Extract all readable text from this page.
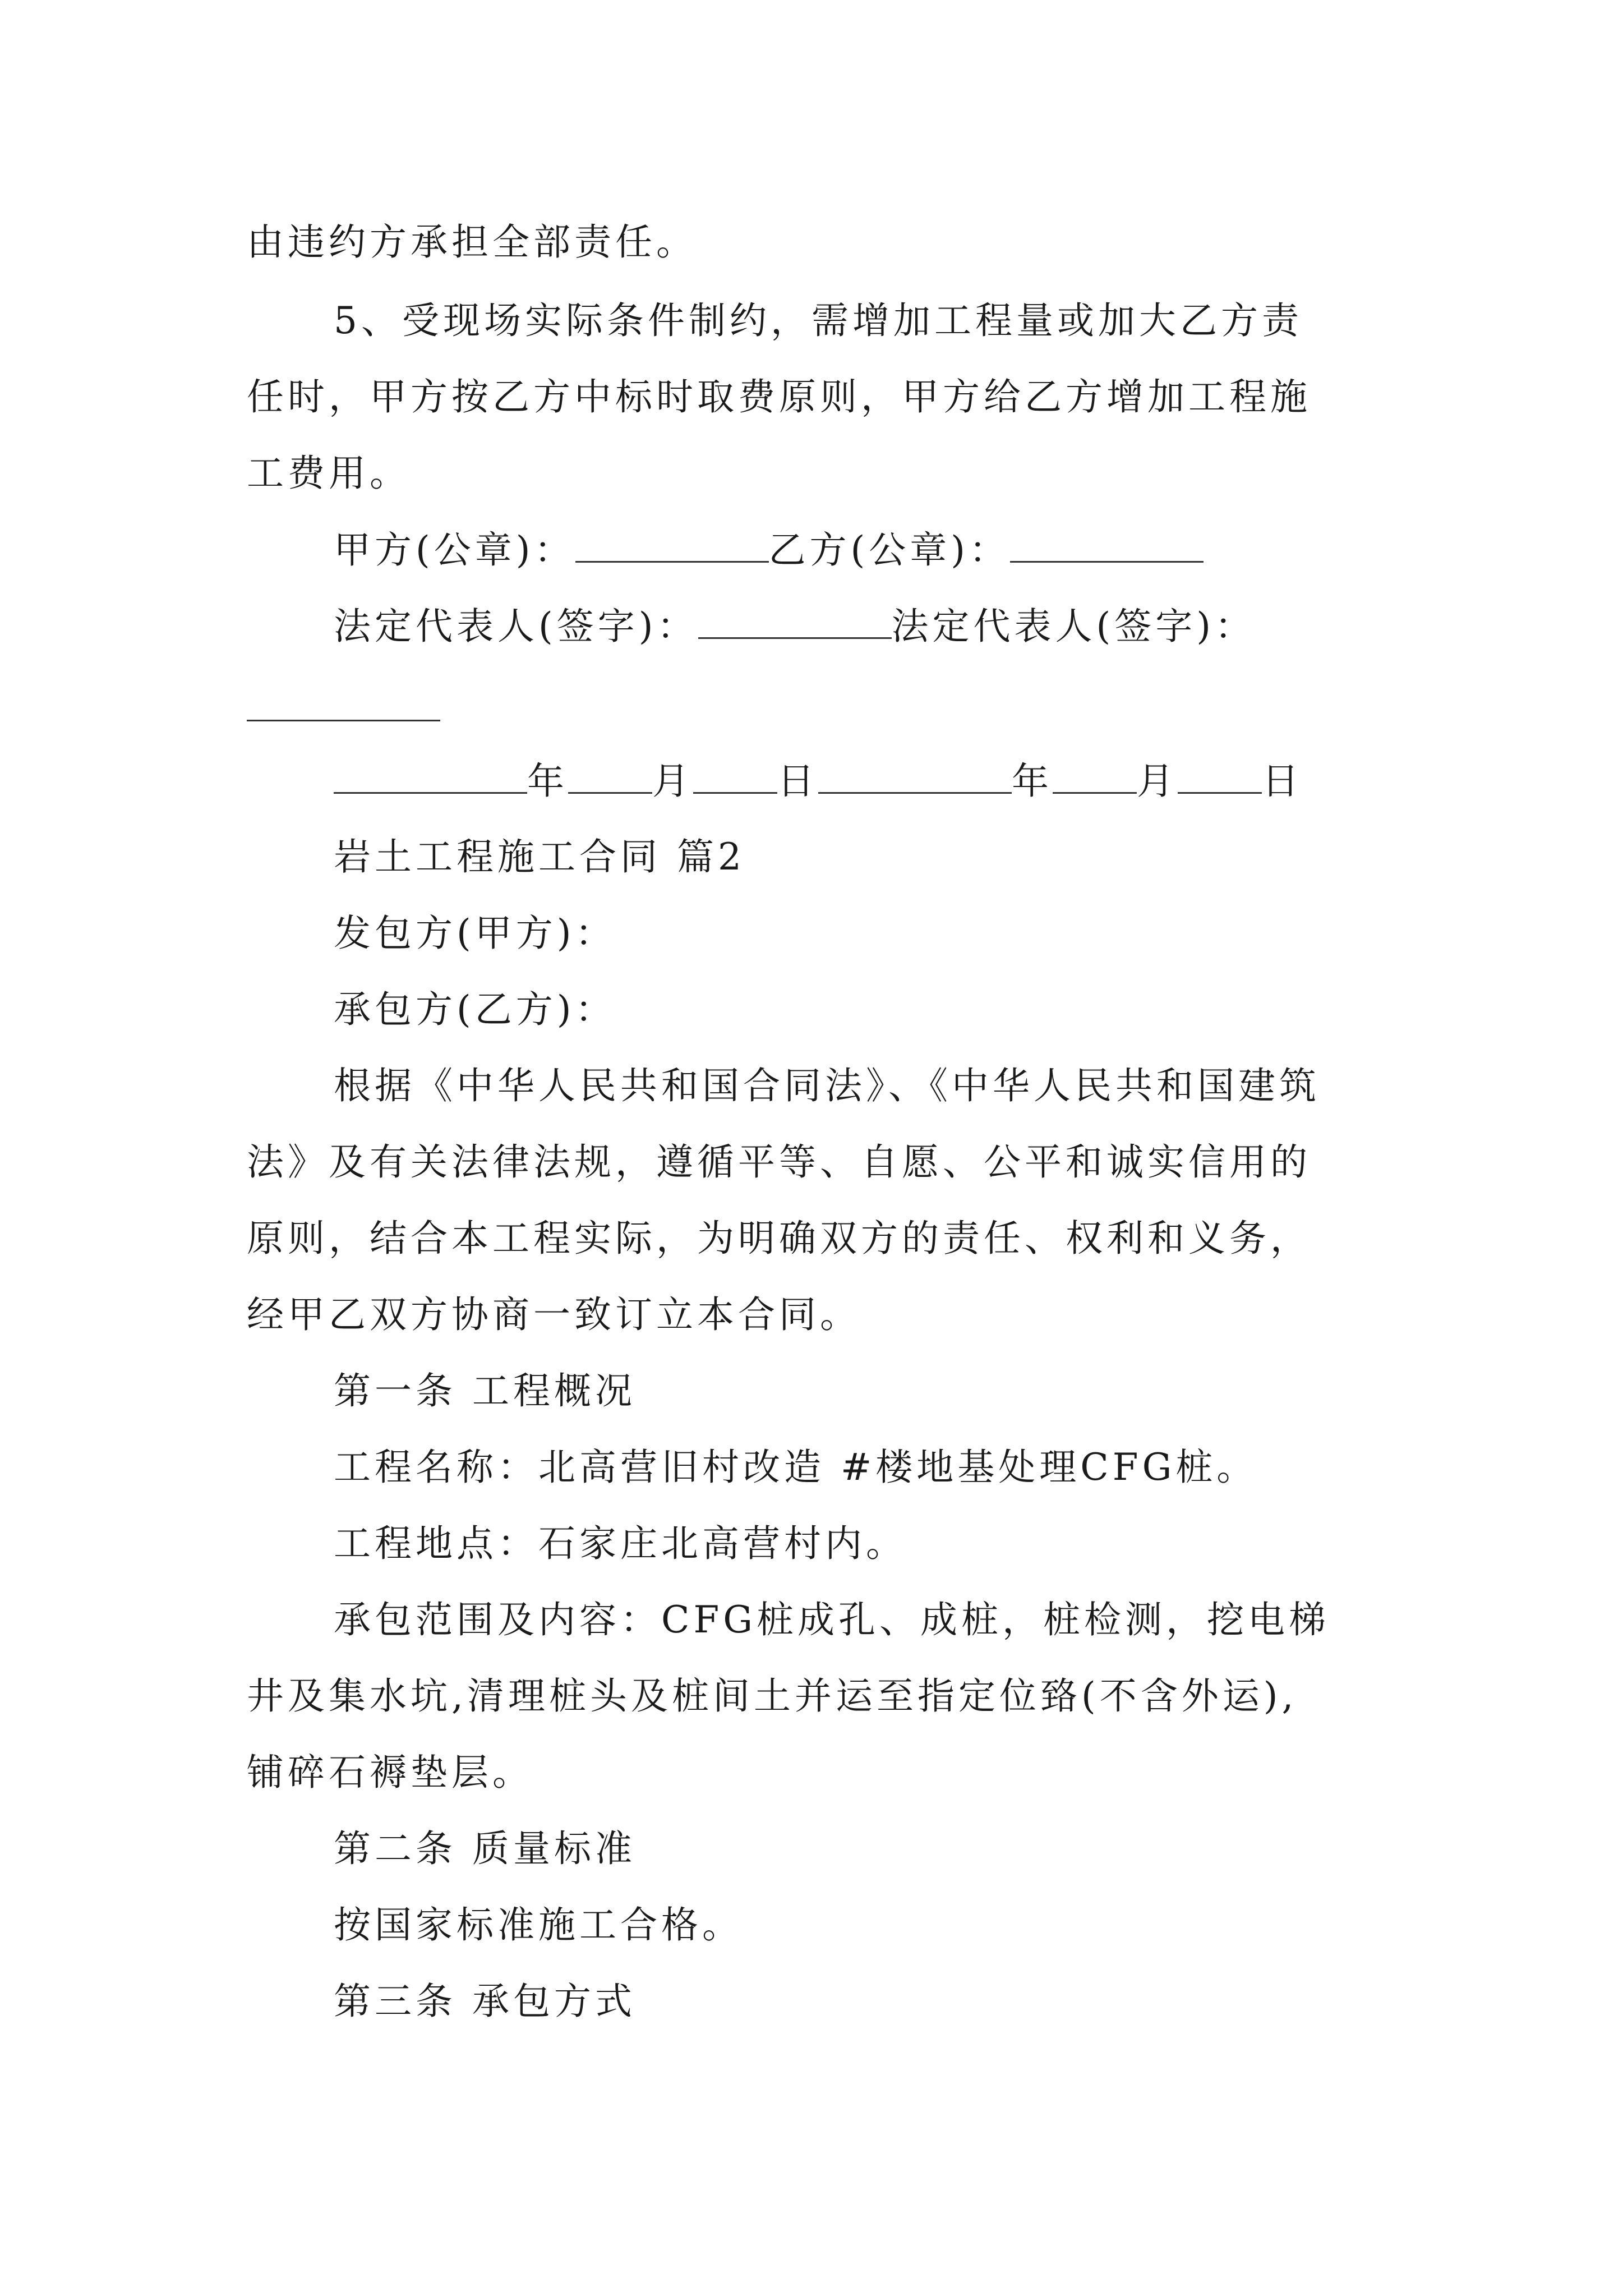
由违约方承担全部责任。
5、受现场实际条件制约，需增加工程量或加大乙方责
任时，甲方按乙方中标时取费原则，甲方给乙方增加工程施
工费用。
甲方(公章)：	乙方(公章)：
法定代表人(签字)：	法定代表人(签字)：
年 月 日	年 月 日
岩土工程施工合同 篇2
发包方(甲方)：
承包方(乙方)：
根据《中华人民共和国合同法》、《中华人民共和国建筑
法》及有关法律法规，遵循平等、自愿、公平和诚实信用的
原则，结合本工程实际，为明确双方的责任、权利和义务，
经甲乙双方协商一致订立本合同。
第一条 工程概况
工程名称：北高营旧村改造 #楼地基处理CFG桩。
工程地点：石家庄北高营村内。
承包范围及内容：CFG桩成孔、成桩，桩检测，挖电梯
井及集水坑,清理桩头及桩间土并运至指定位臵(不含外运),
铺碎石褥垫层。
第二条 质量标准
按国家标准施工合格。
第三条 承包方式
